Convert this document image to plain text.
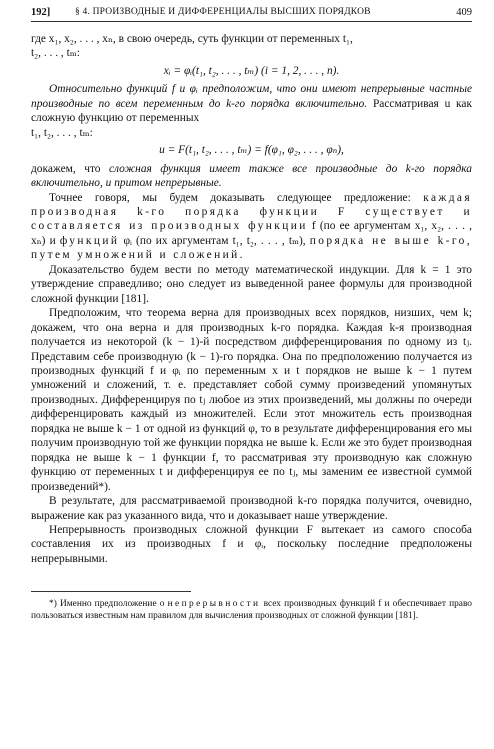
192]	§ 4. ПРОИЗВОДНЫЕ И ДИФФЕРЕНЦИАЛЫ ВЫСШИХ ПОРЯДКОВ	409

где x₁, x₂, . . . , xₙ, в свою очередь, суть функции от переменных t₁,
t₂, . . . , tₘ:

xᵢ = φᵢ(t₁, t₂, . . . , tₘ) (i = 1, 2, . . . , n).

Относительно функций f и φᵢ предположим, что они имеют непрерывные частные производные по всем переменным до k-го порядка включительно. Рассматривая u как сложную функцию от переменных
t₁, t₂, . . . , tₘ:

u = F(t₁, t₂, . . . , tₘ) = f(φ₁, φ₂, . . . , φₙ),

докажем, что сложная функция имеет также все производные до k-го порядка включительно, и притом непрерывные.

Точнее говоря, мы будем доказывать следующее предложение: каждая производная k-го порядка функции F существует и составляется из производных функции f (по ее аргументам x₁, x₂, . . . , xₙ) и функций φᵢ (по их аргументам t₁, t₂, . . . , tₘ), порядка не выше k-го, путем умножений и сложений.

Доказательство будем вести по методу математической индукции. Для k = 1 это утверждение справедливо; оно следует из выведенной ранее формулы для производной сложной функции [181].

Предположим, что теорема верна для производных всех порядков, низших, чем k; докажем, что она верна и для производных k-го порядка. Каждая k-я производная получается из некоторой (k − 1)-й посредством дифференцирования по одному из tⱼ. Представим себе производную (k − 1)-го порядка. Она по предположению получается из производных функций f и φᵢ по переменным x и t порядков не выше k − 1 путем умножений и сложений, т. е. представляет собой сумму произведений упомянутых производных. Дифференцируя по tⱼ любое из этих произведений, мы должны по очереди дифференцировать каждый из множителей. Если этот множитель есть производная порядка не выше k − 1 от одной из функций φ, то в результате дифференцирования его мы получим производную той же функции порядка не выше k. Если же это будет производная порядка не выше k − 1 функции f, то рассматривая эту производную как сложную функцию от переменных t и дифференцируя ее по tⱼ, мы заменим ее известной суммой произведений*).

В результате, для рассматриваемой производной k-го порядка получится, очевидно, выражение как раз указанного вида, что и доказывает наше утверждение.

Непрерывность производных сложной функции F вытекает из самого способа составления их из производных f и φᵢ, поскольку последние предположены непрерывными.

*) Именно предположение о непрерывности всех производных функций f и обеспечивает право пользоваться известным нам правилом для вычисления производных от сложной функции [181].
